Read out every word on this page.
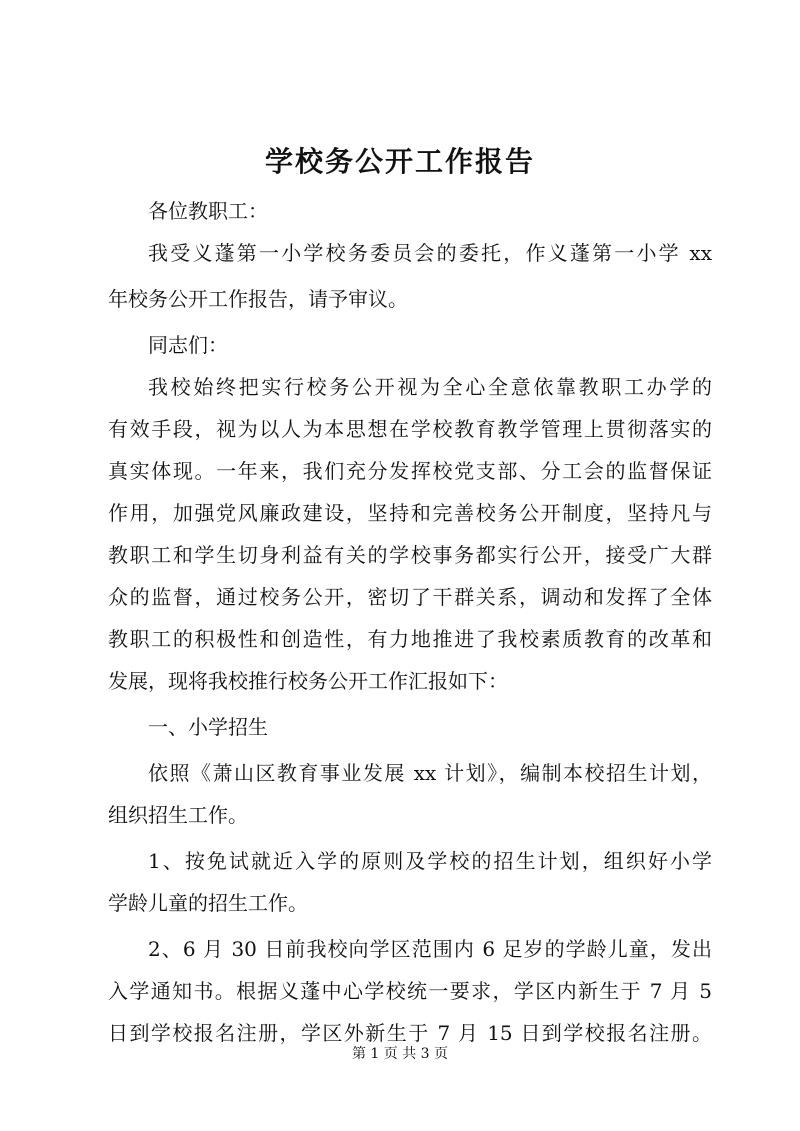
学校务公开工作报告
各位教职工：
我受义蓬第一小学校务委员会的委托，作义蓬第一小学 xx
年校务公开工作报告，请予审议。
同志们：
我校始终把实行校务公开视为全心全意依靠教职工办学的
有效手段，视为以人为本思想在学校教育教学管理上贯彻落实的
真实体现。一年来，我们充分发挥校党支部、分工会的监督保证
作用，加强党风廉政建设，坚持和完善校务公开制度，坚持凡与
教职工和学生切身利益有关的学校事务都实行公开，接受广大群
众的监督，通过校务公开，密切了干群关系，调动和发挥了全体
教职工的积极性和创造性，有力地推进了我校素质教育的改革和
发展，现将我校推行校务公开工作汇报如下：
一、小学招生
依照《萧山区教育事业发展 xx 计划》，编制本校招生计划，
组织招生工作。
1、按免试就近入学的原则及学校的招生计划，组织好小学
学龄儿童的招生工作。
2、6 月 30 日前我校向学区范围内 6 足岁的学龄儿童，发出
入学通知书。根据义蓬中心学校统一要求，学区内新生于 7 月 5
日到学校报名注册，学区外新生于 7 月 15 日到学校报名注册。
第 1 页 共 3 页
